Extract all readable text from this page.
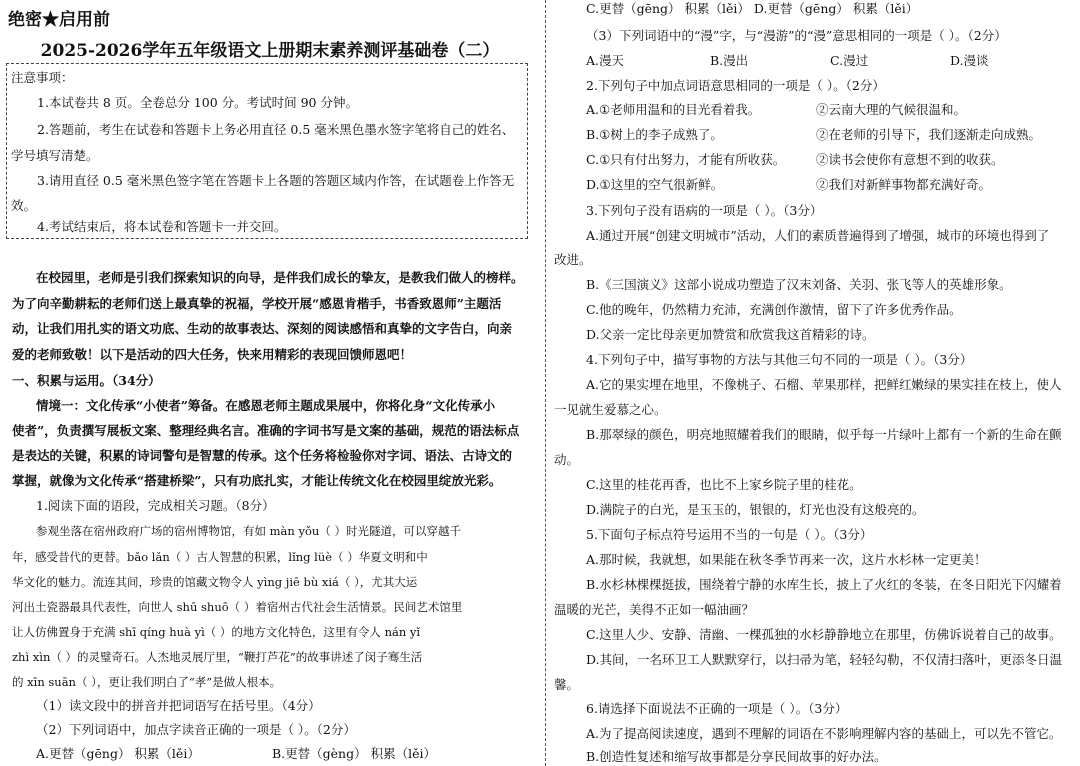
绝密★启用前
2025-2026学年五年级语文上册期末素养测评基础卷（二）
注意事项：
1.本试卷共 8 页。全卷总分 100 分。考试时间 90 分钟。
2.答题前，考生在试卷和答题卡上务必用直径 0.5 毫米黑色墨水签字笔将自己的姓名、
学号填写清楚。
3.请用直径 0.5 毫米黑色签字笔在答题卡上各题的答题区域内作答，在试题卷上作答无
效。
4.考试结束后，将本试卷和答题卡一并交回。
在校园里，老师是引我们探索知识的向导，是伴我们成长的挚友，是教我们做人的榜样。
为了向辛勤耕耘的老师们送上最真挚的祝福，学校开展“感恩肯楷手，书香致恩师”主题活
动，让我们用扎实的语文功底、生动的故事表达、深刻的阅读感悟和真挚的文字告白，向亲
爱的老师致敬！以下是活动的四大任务，快来用精彩的表现回馈师恩吧！
一、积累与运用。（34分）
情境一：文化传承“小使者”筹备。在感恩老师主题成果展中，你将化身“文化传承小
使者”，负责撰写展板文案、整理经典名言。准确的字词书写是文案的基础，规范的语法标点
是表达的关键，积累的诗词警句是智慧的传承。这个任务将检验你对字词、语法、古诗文的
掌握，就像为文化传承“搭建桥梁”，只有功底扎实，才能让传统文化在校园里绽放光彩。
1.阅读下面的语段，完成相关习题。（8分）
参观坐落在宿州政府广场的宿州博物馆，有如 màn yǒu（ ）时光隧道，可以穿越千
年，感受昔代的更替。bǎo lǎn（ ）古人智慧的积累，lǐng lüè（ ）华夏文明和中
华文化的魅力。流连其间，珍贵的馆藏文物令人 yìng jiē bù xiá（ ），尤其大运
河出土瓷器最具代表性，向世人 shū shuō（ ）着宿州古代社会生活情景。民间艺术馆里
让人仿佛置身于充满 shī qíng huà yì（ ）的地方文化特色，这里有令人 nán yǐ
zhì xìn（ ）的灵璧奇石。人杰地灵展厅里，“鞭打芦花”的故事讲述了闵子骞生活
的 xīn suān（ ），更让我们明白了“孝”是做人根本。
（1）读文段中的拼音并把词语写在括号里。（4分）
（2）下列词语中，加点字读音正确的一项是（ ）。（2分）
A.更替（gēng） 积累（lěi）	B.更替（gèng） 积累（lěi）
C.更替（gēng） 积累（lěi） D.更替（gēng） 积累（lěi）
（3）下列词语中的“漫”字，与“漫游”的“漫”意思相同的一项是（ ）。（2分）
A.漫天	B.漫出	C.漫过	D.漫谈
2.下列句子中加点词语意思相同的一项是（ ）。（2分）
A.①老师用温和的目光看着我。	②云南大理的气候很温和。
B.①树上的李子成熟了。	②在老师的引导下，我们逐渐走向成熟。
C.①只有付出努力，才能有所收获。 ②读书会使你有意想不到的收获。
D.①这里的空气很新鲜。	②我们对新鲜事物都充满好奇。
3.下列句子没有语病的一项是（ ）。（3分）
A.通过开展“创建文明城市”活动，人们的素质普遍得到了增强，城市的环境也得到了
改进。
B.《三国演义》这部小说成功塑造了汉末刘备、关羽、张飞等人的英雄形象。
C.他的晚年，仍然精力充沛，充满创作激情，留下了许多优秀作品。
D.父亲一定比母亲更加赞赏和欣赏我这首精彩的诗。
4.下列句子中，描写事物的方法与其他三句不同的一项是（ ）。（3分）
A.它的果实埋在地里，不像桃子、石榴、苹果那样，把鲜红嫩绿的果实挂在枝上，使人
一见就生爱慕之心。
B.那翠绿的颜色，明亮地照耀着我们的眼睛，似乎每一片绿叶上都有一个新的生命在颤
动。
C.这里的桂花再香，也比不上家乡院子里的桂花。
D.满院子的白光，是玉玉的，银银的，灯光也没有这般亮的。
5.下面句子标点符号运用不当的一句是（ ）。（3分）
A.那时候，我就想，如果能在秋冬季节再来一次，这片水杉林一定更美！
B.水杉林棵棵挺拔，围绕着宁静的水库生长，披上了火红的冬装，在冬日阳光下闪耀着
温暖的光芒，美得不正如一幅油画？
C.这里人少、安静、清幽、一棵孤独的水杉静静地立在那里，仿佛诉说着自己的故事。
D.其间，一名环卫工人默默穿行，以扫帚为笔，轻轻勾勒，不仅清扫落叶，更添冬日温
馨。
6.请选择下面说法不正确的一项是（ ）。（3分）
A.为了提高阅读速度，遇到不理解的词语在不影响理解内容的基础上，可以先不管它。
B.创造性复述和缩写故事都是分享民间故事的好办法。
